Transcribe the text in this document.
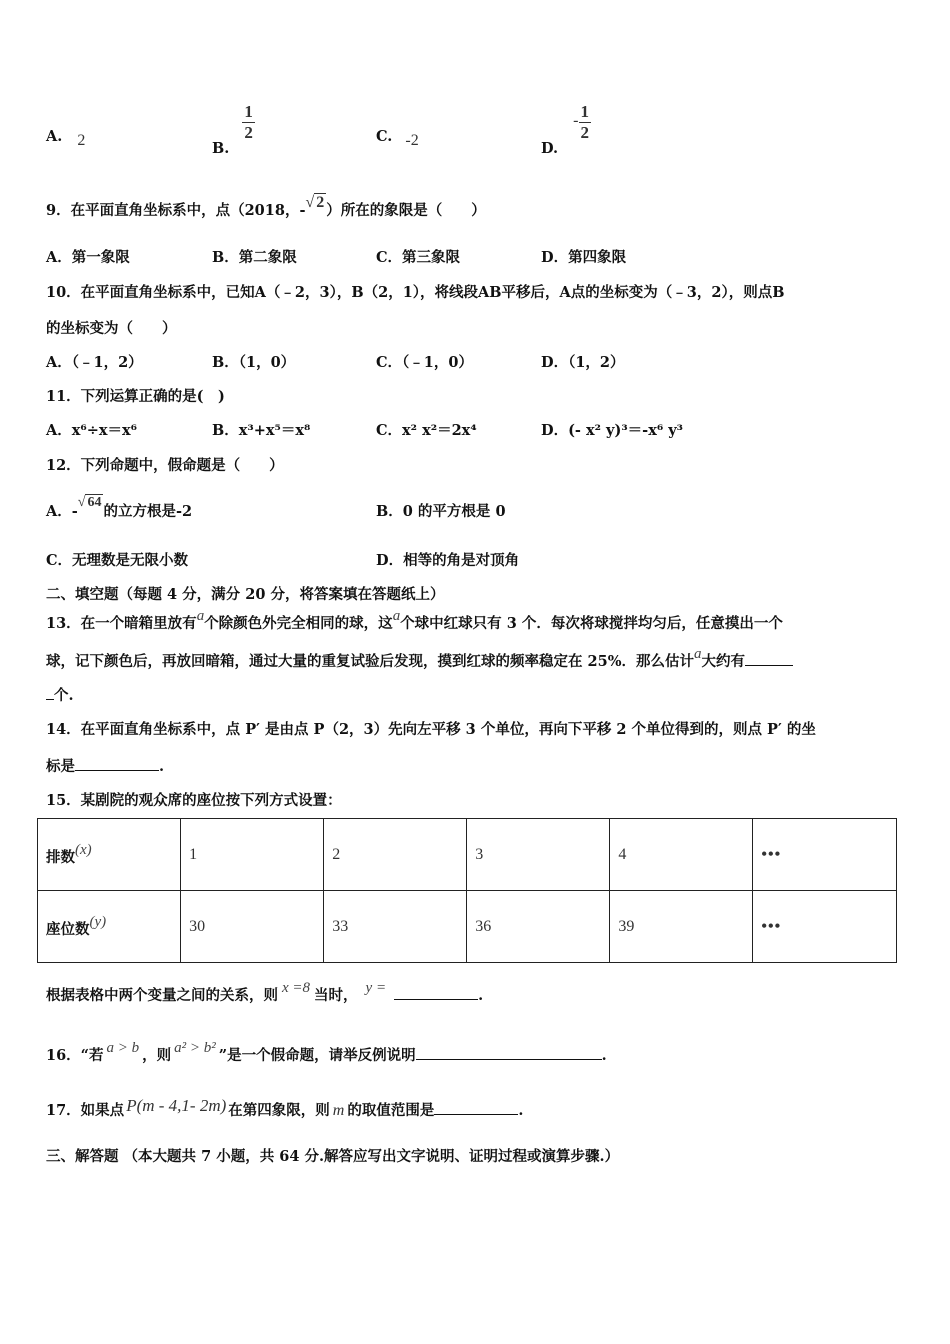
A. 2	B.
$\frac{1}{2}$	C. -2	D. - $\frac{1}{2}$
9．在平面直角坐标系中，点（2018，-√ 2 ）所在的象限是（　　）
A．第一象限	B．第二象限	C．第三象限	D．第四象限
10．在平面直角坐标系中，已知A（﹣2，3），B（2，1），将线段AB平移后，A点的坐标变为（﹣3，2），则点B
的坐标变为（　　）
A．（﹣1，2）	B．（1，0）	C．（﹣1，0）	D．（1，2）
11．下列运算正确的是(　)
A．x⁶÷x＝x⁶	B．x³+x⁵＝x⁸	C．x² x²＝2x⁴	D．(- x² y)³＝-x⁶ y³
12．下列命题中，假命题是（　　）
A．-√ 64的立方根是-2	B．0 的平方根是 0
C．无理数是无限小数	D．相等的角是对顶角
二、填空题（每题 4 分，满分 20 分，将答案填在答题纸上）
13．在一个暗箱里放有a个除颜色外完全相同的球，这a个球中红球只有 3 个．每次将球搅拌均匀后，任意摸出一个
球，记下颜色后，再放回暗箱，通过大量的重复试验后发现，摸到红球的频率稳定在 25%．那么估计a大约有
个.
14．在平面直角坐标系中，点 P′ 是由点 P（2，3）先向左平移 3 个单位，再向下平移 2 个单位得到的，则点 P′ 的坐
标是	.
15．某剧院的观众席的座位按下列方式设置：
排数(x)	1	2	3	4	•••
座位数(y)	30	33	36	39	•••
根据表格中两个变量之间的关系，则 x =8 当时， y =	.
16．“若 a > b ，则 a² > b² ”是一个假命题，请举反例说明	.
17．如果点 P(m - 4,1- 2m) 在第四象限，则 m 的取值范围是	.
三、解答题 （本大题共 7 小题，共 64 分.解答应写出文字说明、证明过程或演算步骤.）
